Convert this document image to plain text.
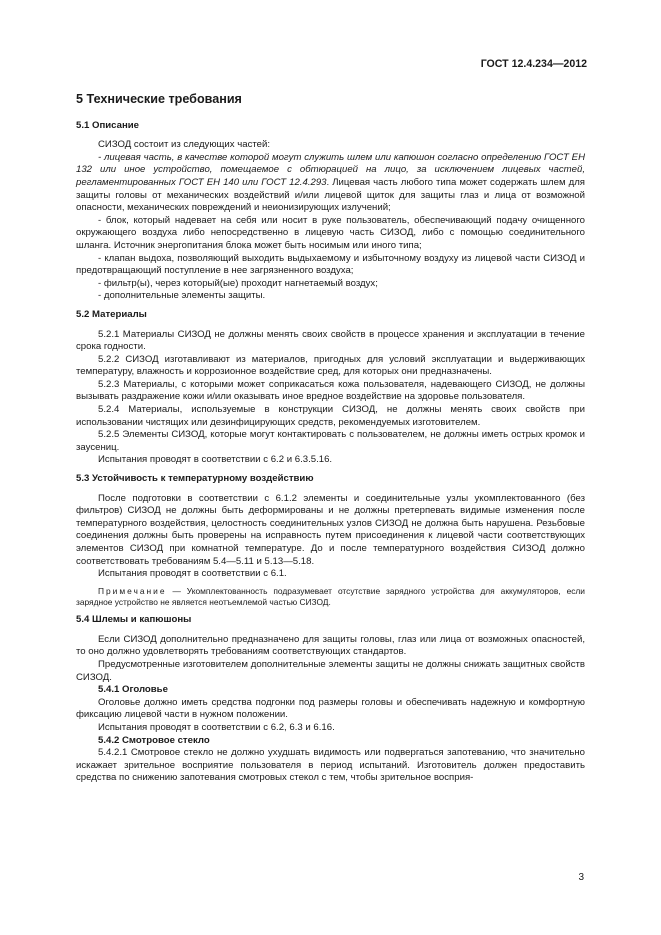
ГОСТ 12.4.234—2012

5 Технические требования

5.1 Описание

СИЗОД состоит из следующих частей:

- лицевая часть, в качестве которой могут служить шлем или капюшон согласно определению ГОСТ ЕН 132 или иное устройство, помещаемое с обтюрацией на лицо, за исключением лицевых частей, регламентированных ГОСТ ЕН 140 или ГОСТ 12.4.293. Лицевая часть любого типа может содержать шлем для защиты головы от механических воздействий и/или лицевой щиток для защиты глаз и лица от возможной опасности, механических повреждений и неионизирующих излучений;

- блок, который надевает на себя или носит в руке пользователь, обеспечивающий подачу очищенного окружающего воздуха либо непосредственно в лицевую часть СИЗОД, либо с помощью соединительного шланга. Источник энергопитания блока может быть носимым или иного типа;

- клапан выдоха, позволяющий выходить выдыхаемому и избыточному воздуху из лицевой части СИЗОД и предотвращающий поступление в нее загрязненного воздуха;

- фильтр(ы), через который(ые) проходит нагнетаемый воздух;

- дополнительные элементы защиты.

5.2 Материалы

5.2.1 Материалы СИЗОД не должны менять своих свойств в процессе хранения и эксплуатации в течение срока годности.

5.2.2 СИЗОД изготавливают из материалов, пригодных для условий эксплуатации и выдерживающих температуру, влажность и коррозионное воздействие сред, для которых они предназначены.

5.2.3 Материалы, с которыми может соприкасаться кожа пользователя, надевающего СИЗОД, не должны вызывать раздражение кожи и/или оказывать иное вредное воздействие на здоровье пользователя.

5.2.4 Материалы, используемые в конструкции СИЗОД, не должны менять своих свойств при использовании чистящих или дезинфицирующих средств, рекомендуемых изготовителем.

5.2.5 Элементы СИЗОД, которые могут контактировать с пользователем, не должны иметь острых кромок и заусениц.

Испытания проводят в соответствии с 6.2 и 6.3.5.16.

5.3 Устойчивость к температурному воздействию

После подготовки в соответствии с 6.1.2 элементы и соединительные узлы укомплектованного (без фильтров) СИЗОД не должны быть деформированы и не должны претерпевать видимые изменения после температурного воздействия, целостность соединительных узлов СИЗОД не должна быть нарушена. Резьбовые соединения должны быть проверены на исправность путем присоединения к лицевой части соответствующих элементов СИЗОД при комнатной температуре. До и после температурного воздействия СИЗОД должно соответствовать требованиям 5.4—5.11 и 5.13—5.18.

Испытания проводят в соответствии с 6.1.

Примечание — Укомплектованность подразумевает отсутствие зарядного устройства для аккумуляторов, если зарядное устройство не является неотъемлемой частью СИЗОД.

5.4 Шлемы и капюшоны

Если СИЗОД дополнительно предназначено для защиты головы, глаз или лица от возможных опасностей, то оно должно удовлетворять требованиям соответствующих стандартов.

Предусмотренные изготовителем дополнительные элементы защиты не должны снижать защитных свойств СИЗОД.

5.4.1 Оголовье

Оголовье должно иметь средства подгонки под размеры головы и обеспечивать надежную и комфортную фиксацию лицевой части в нужном положении.

Испытания проводят в соответствии с 6.2, 6.3 и 6.16.

5.4.2 Смотровое стекло

5.4.2.1 Смотровое стекло не должно ухудшать видимость или подвергаться запотеванию, что значительно искажает зрительное восприятие пользователя в период испытаний. Изготовитель должен предоставить средства по снижению запотевания смотровых стекол с тем, чтобы зрительное восприя-

3
